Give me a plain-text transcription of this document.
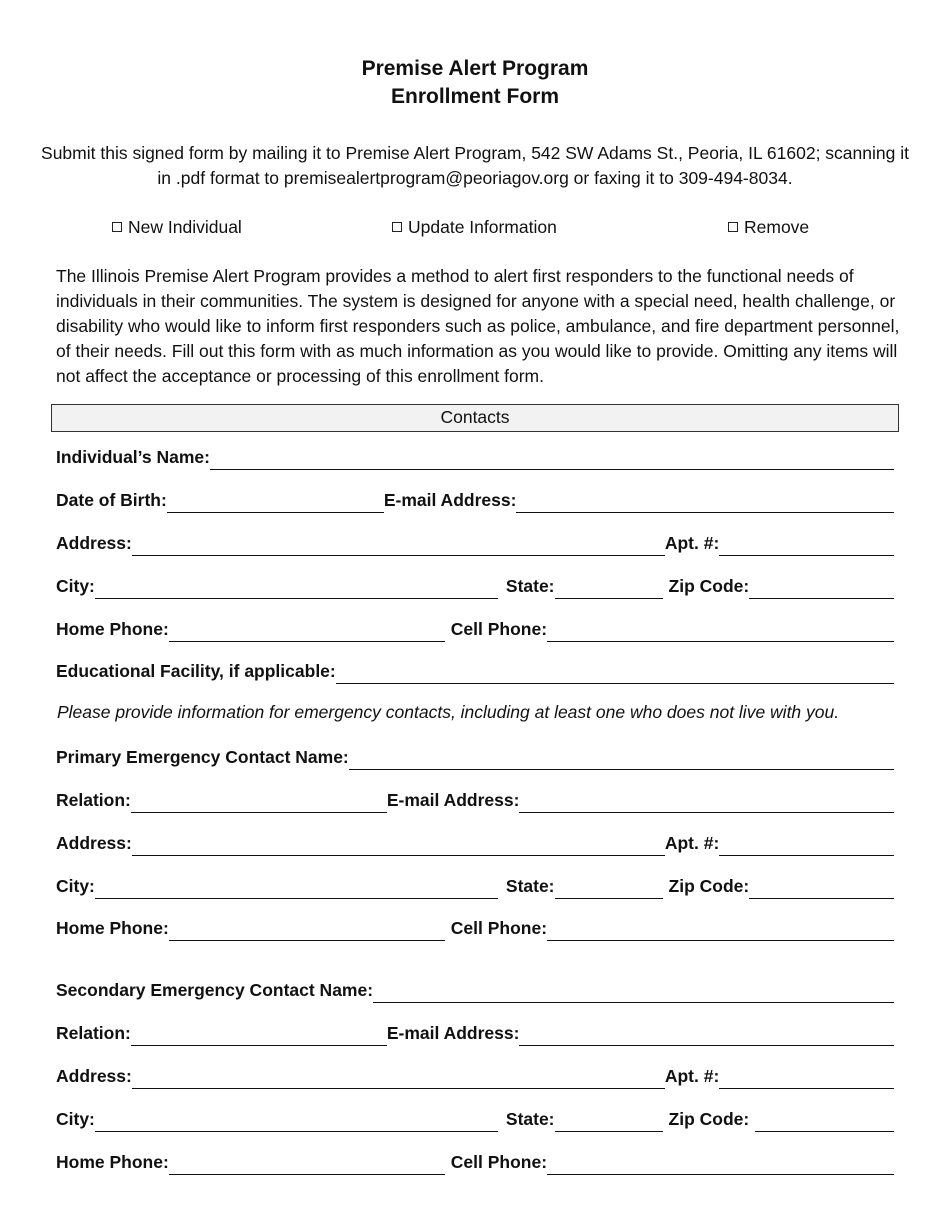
Premise Alert Program
Enrollment Form
Submit this signed form by mailing it to Premise Alert Program, 542 SW Adams St., Peoria, IL 61602; scanning it in .pdf format to premisealertprogram@peoriagov.org or faxing it to 309-494-8034.
New Individual	Update Information	Remove
The Illinois Premise Alert Program provides a method to alert first responders to the functional needs of individuals in their communities. The system is designed for anyone with a special need, health challenge, or disability who would like to inform first responders such as police, ambulance, and fire department personnel, of their needs. Fill out this form with as much information as you would like to provide. Omitting any items will not affect the acceptance or processing of this enrollment form.
Contacts
Individual’s Name:
Date of Birth:	E-mail Address:
Address:	Apt. #:
City:	State:	Zip Code:
Home Phone:	Cell Phone:
Educational Facility, if applicable:
Please provide information for emergency contacts, including at least one who does not live with you.
Primary Emergency Contact Name:
Relation:	E-mail Address:
Address:	Apt. #:
City:	State:	Zip Code:
Home Phone:	Cell Phone:
Secondary Emergency Contact Name:
Relation:	E-mail Address:
Address:	Apt. #:
City:	State:	Zip Code:
Home Phone:	Cell Phone:
